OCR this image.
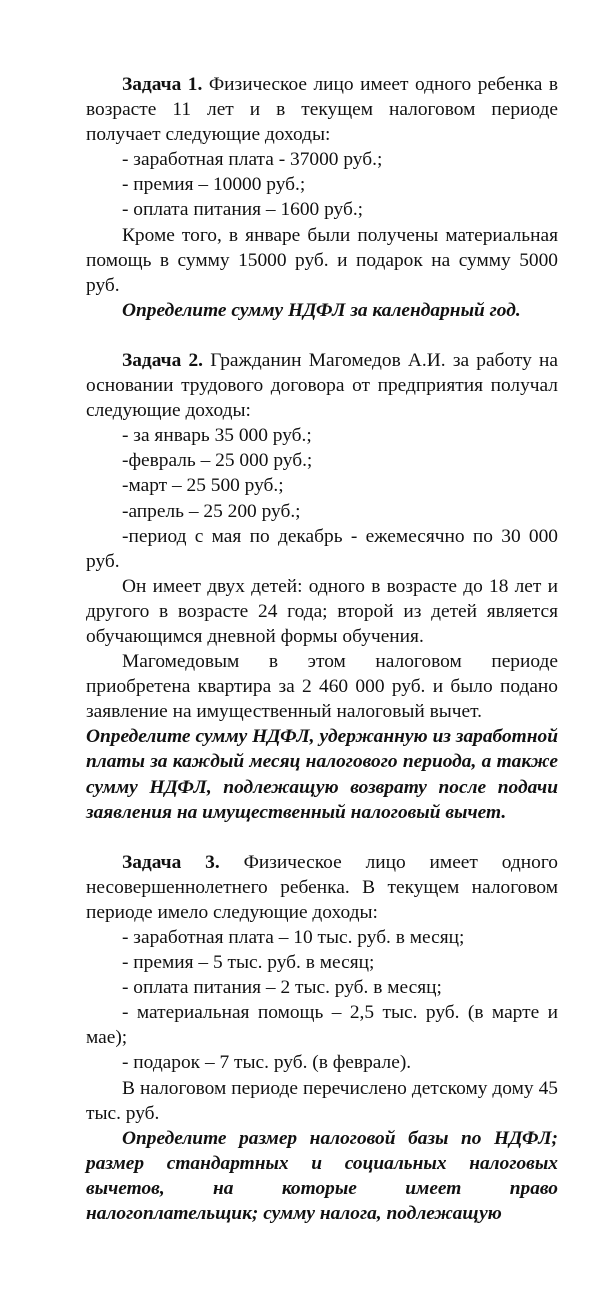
Задача 1. Физическое лицо имеет одного ребенка в возрасте 11 лет и в текущем налоговом периоде получает следующие доходы:

- заработная плата - 37000 руб.;
- премия – 10000 руб.;
- оплата питания – 1600 руб.;

Кроме того, в январе были получены материальная помощь в сумму 15000 руб. и подарок на сумму 5000 руб.

Определите сумму НДФЛ за календарный год.

Задача 2. Гражданин Магомедов А.И. за работу на основании трудового договора от предприятия получал следующие доходы:

- за январь 35 000 руб.;
-февраль – 25 000 руб.;
-март – 25 500 руб.;
-апрель – 25 200 руб.;
-период с мая по декабрь - ежемесячно по 30 000 руб.

Он имеет двух детей: одного в возрасте до 18 лет и другого в возрасте 24 года; второй из детей является обучающимся дневной формы обучения.

Магомедовым в этом налоговом периоде приобретена квартира за 2 460 000 руб. и было подано заявление на имущественный налоговый вычет.

Определите сумму НДФЛ, удержанную из заработной платы за каждый месяц налогового периода, а также сумму НДФЛ, подлежащую возврату после подачи заявления на имущественный налоговый вычет.

Задача 3. Физическое лицо имеет одного несовершеннолетнего ребенка. В текущем налоговом периоде имело следующие доходы:

- заработная плата – 10 тыс. руб. в месяц;
- премия – 5 тыс. руб. в месяц;
- оплата питания – 2 тыс. руб. в месяц;
- материальная помощь – 2,5 тыс. руб. (в марте и мае);
- подарок – 7 тыс. руб. (в феврале).

В налоговом периоде перечислено детскому дому 45 тыс. руб.

Определите размер налоговой базы по НДФЛ; размер стандартных и социальных налоговых вычетов, на которые имеет право налогоплательщик; сумму налога, подлежащую
